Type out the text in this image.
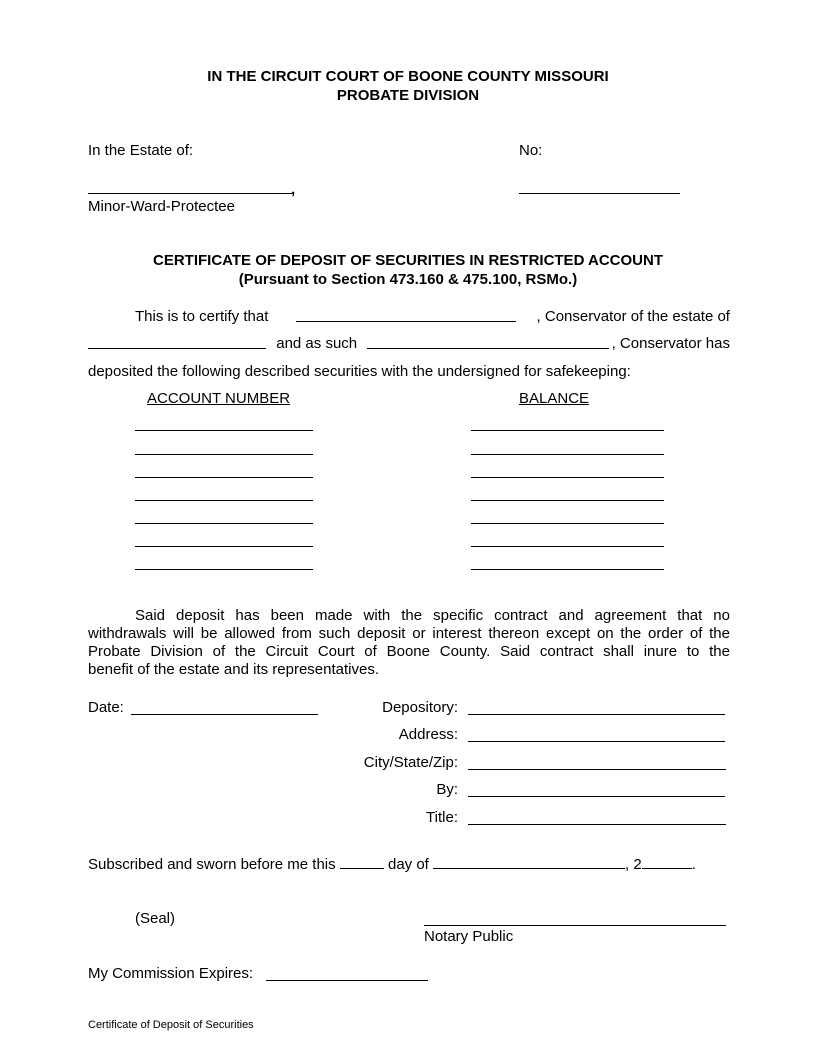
IN THE CIRCUIT COURT OF BOONE COUNTY MISSOURI
PROBATE DIVISION
In the Estate of:	No:
,
Minor-Ward-Protectee
CERTIFICATE OF DEPOSIT OF SECURITIES IN RESTRICTED ACCOUNT
(Pursuant to Section 473.160 & 475.100, RSMo.)
This is to certify that	, Conservator of the estate of
and as such	, Conservator has
deposited the following described securities with the undersigned for safekeeping:
ACCOUNT NUMBER	BALANCE
Said deposit has been made with the specific contract and agreement that no
withdrawals will be allowed from such deposit or interest thereon except on the order of the
Probate Division of the Circuit Court of Boone County. Said contract shall inure to the
benefit of the estate and its representatives.
Date:	Depository:
Address:
City/State/Zip:
By:
Title:
Subscribed and sworn before me this	day of	, 2	.
(Seal)
Notary Public
My Commission Expires:
Certificate of Deposit of Securities
